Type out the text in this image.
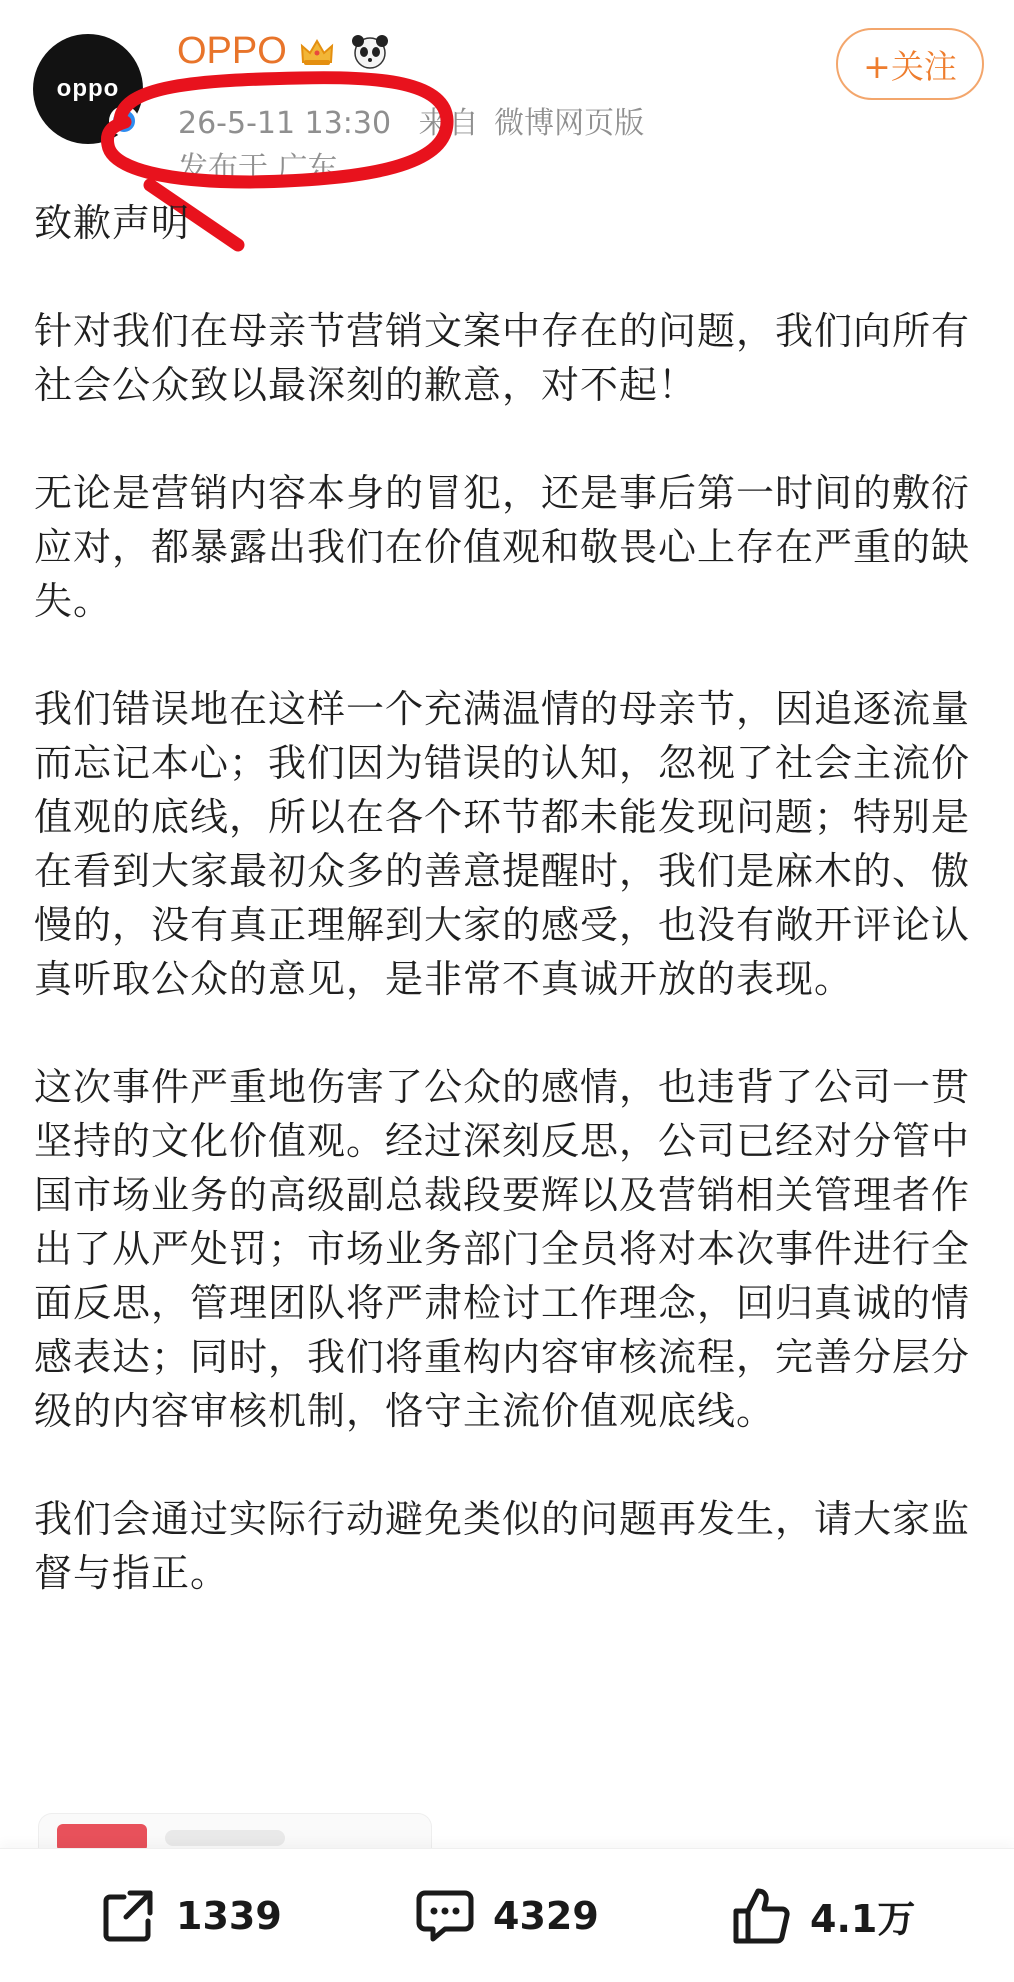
oppo
OPPO
26-5-11 13:30 来自 微博网页版
发布于 广东
+关注

致歉声明

针对我们在母亲节营销文案中存在的问题，我们向所有社会公众致以最深刻的歉意，对不起！

无论是营销内容本身的冒犯，还是事后第一时间的敷衍应对，都暴露出我们在价值观和敬畏心上存在严重的缺失。

我们错误地在这样一个充满温情的母亲节，因追逐流量而忘记本心；我们因为错误的认知，忽视了社会主流价值观的底线，所以在各个环节都未能发现问题；特别是在看到大家最初众多的善意提醒时，我们是麻木的、傲慢的，没有真正理解到大家的感受，也没有敞开评论认真听取公众的意见，是非常不真诚开放的表现。

这次事件严重地伤害了公众的感情，也违背了公司一贯坚持的文化价值观。经过深刻反思，公司已经对分管中国市场业务的高级副总裁段要辉以及营销相关管理者作出了从严处罚；市场业务部门全员将对本次事件进行全面反思，管理团队将严肃检讨工作理念，回归真诚的情感表达；同时，我们将重构内容审核流程，完善分层分级的内容审核机制，恪守主流价值观底线。

我们会通过实际行动避免类似的问题再发生，请大家监督与指正。

1339	4329	4.1万
